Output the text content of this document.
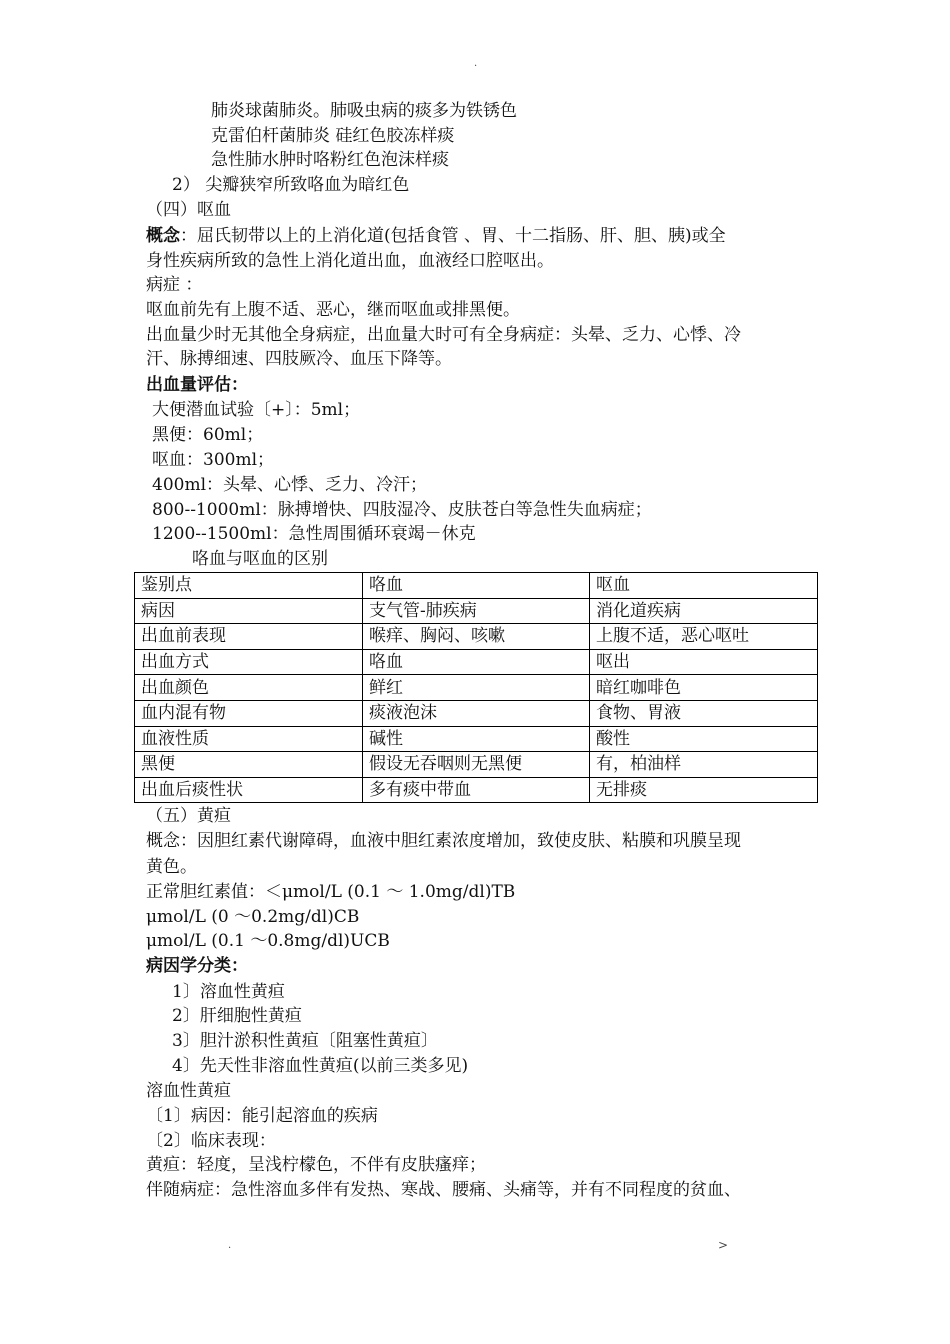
.
肺炎球菌肺炎。肺吸虫病的痰多为铁锈色
克雷伯杆菌肺炎 硅红色胶冻样痰
急性肺水肿时咯粉红色泡沫样痰
2） 尖瓣狭窄所致咯血为暗红色
（四）呕血
概念：屈氏韧带以上的上消化道(包括食管 、胃、十二指肠、肝、胆、胰)或全
身性疾病所致的急性上消化道出血，血液经口腔呕出。
病症 ：
呕血前先有上腹不适、恶心，继而呕血或排黑便。
出血量少时无其他全身病症，出血量大时可有全身病症：头晕、乏力、心悸、冷
汗、脉搏细速、四肢厥冷、血压下降等。
出血量评估：
大便潜血试验〔+〕：5ml；
黑便：60ml；
呕血：300ml；
400ml：头晕、心悸、乏力、冷汗；
800--1000ml：脉搏增快、四肢湿冷、皮肤苍白等急性失血病症；
1200--1500ml：急性周围循环衰竭－休克
咯血与呕血的区别
鉴别点	咯血	呕血
病因	支气管-肺疾病	消化道疾病
出血前表现	喉痒、胸闷、咳嗽	上腹不适，恶心呕吐
出血方式	咯血	呕出
出血颜色	鲜红	暗红咖啡色
血内混有物	痰液泡沫	食物、胃液
血液性质	碱性	酸性
黑便	假设无吞咽则无黑便	有，柏油样
出血后痰性状	多有痰中带血	无排痰
（五）黄疸
概念：因胆红素代谢障碍，血液中胆红素浓度增加，致使皮肤、粘膜和巩膜呈现
黄色。
正常胆红素值：＜μmol/L (0.1 ～ 1.0mg/dl)TB
μmol/L (0 ～0.2mg/dl)CB
μmol/L (0.1 ～0.8mg/dl)UCB
病因学分类：
1〕溶血性黄疸
2〕肝细胞性黄疸
3〕胆汁淤积性黄疸〔阻塞性黄疸〕
4〕先天性非溶血性黄疸(以前三类多见)
溶血性黄疸
〔1〕病因：能引起溶血的疾病
〔2〕临床表现：
黄疸：轻度，呈浅柠檬色，不伴有皮肤瘙痒；
伴随病症：急性溶血多伴有发热、寒战、腰痛、头痛等，并有不同程度的贫血、
.	>
